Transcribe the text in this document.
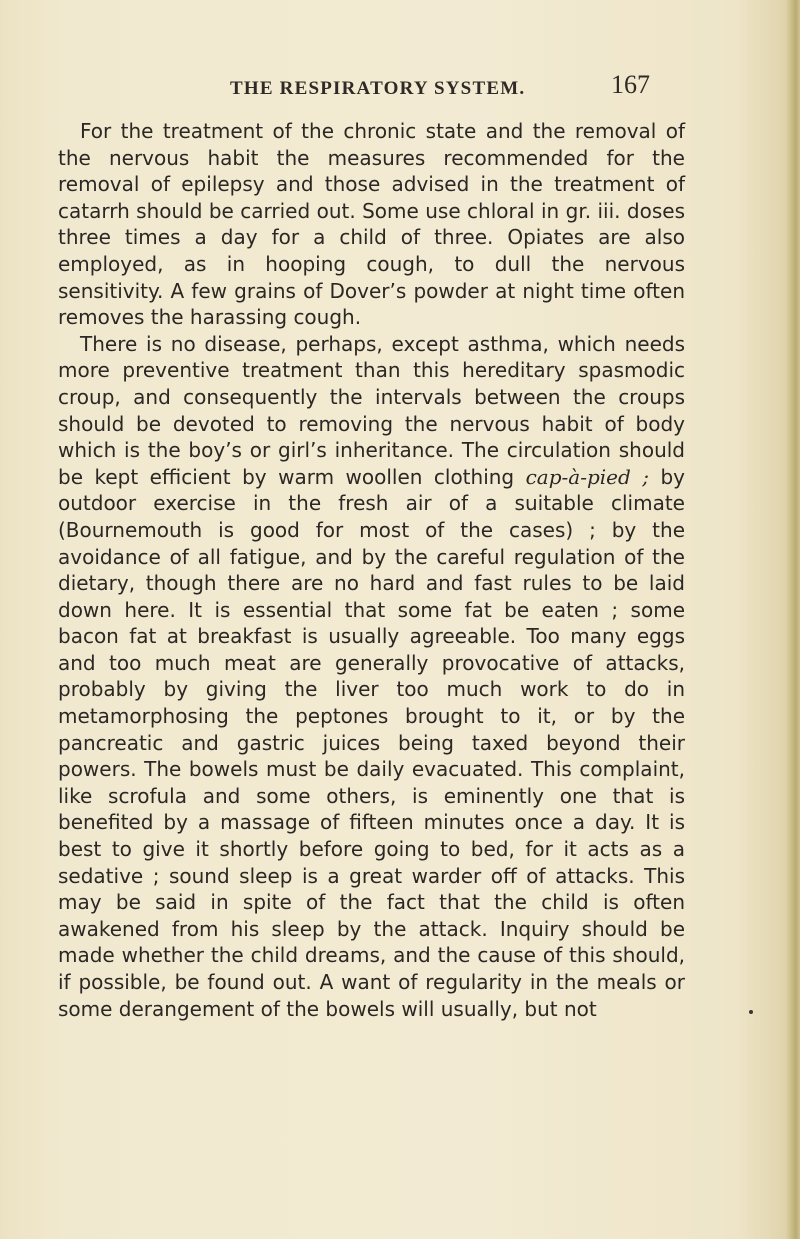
THE RESPIRATORY SYSTEM.	167

For the treatment of the chronic state and the removal of the nervous habit the measures recommended for the removal of epilepsy and those advised in the treatment of catarrh should be carried out. Some use chloral in gr. iii. doses three times a day for a child of three. Opiates are also employed, as in hooping cough, to dull the nervous sensitivity. A few grains of Dover’s powder at night time often removes the harassing cough.

There is no disease, perhaps, except asthma, which needs more preventive treatment than this hereditary spasmodic croup, and consequently the intervals between the croups should be devoted to removing the nervous habit of body which is the boy’s or girl’s inheritance. The circulation should be kept efficient by warm woollen clothing cap-à-pied ; by outdoor exercise in the fresh air of a suitable climate (Bournemouth is good for most of the cases) ; by the avoidance of all fatigue, and by the careful regulation of the dietary, though there are no hard and fast rules to be laid down here. It is essential that some fat be eaten ; some bacon fat at breakfast is usually agreeable. Too many eggs and too much meat are generally provocative of attacks, probably by giving the liver too much work to do in metamorphosing the peptones brought to it, or by the pancreatic and gastric juices being taxed beyond their powers. The bowels must be daily evacuated. This complaint, like scrofula and some others, is eminently one that is benefited by a massage of fifteen minutes once a day. It is best to give it shortly before going to bed, for it acts as a sedative ; sound sleep is a great warder off of attacks. This may be said in spite of the fact that the child is often awakened from his sleep by the attack. Inquiry should be made whether the child dreams, and the cause of this should, if possible, be found out. A want of regularity in the meals or some derangement of the bowels will usually, but not
